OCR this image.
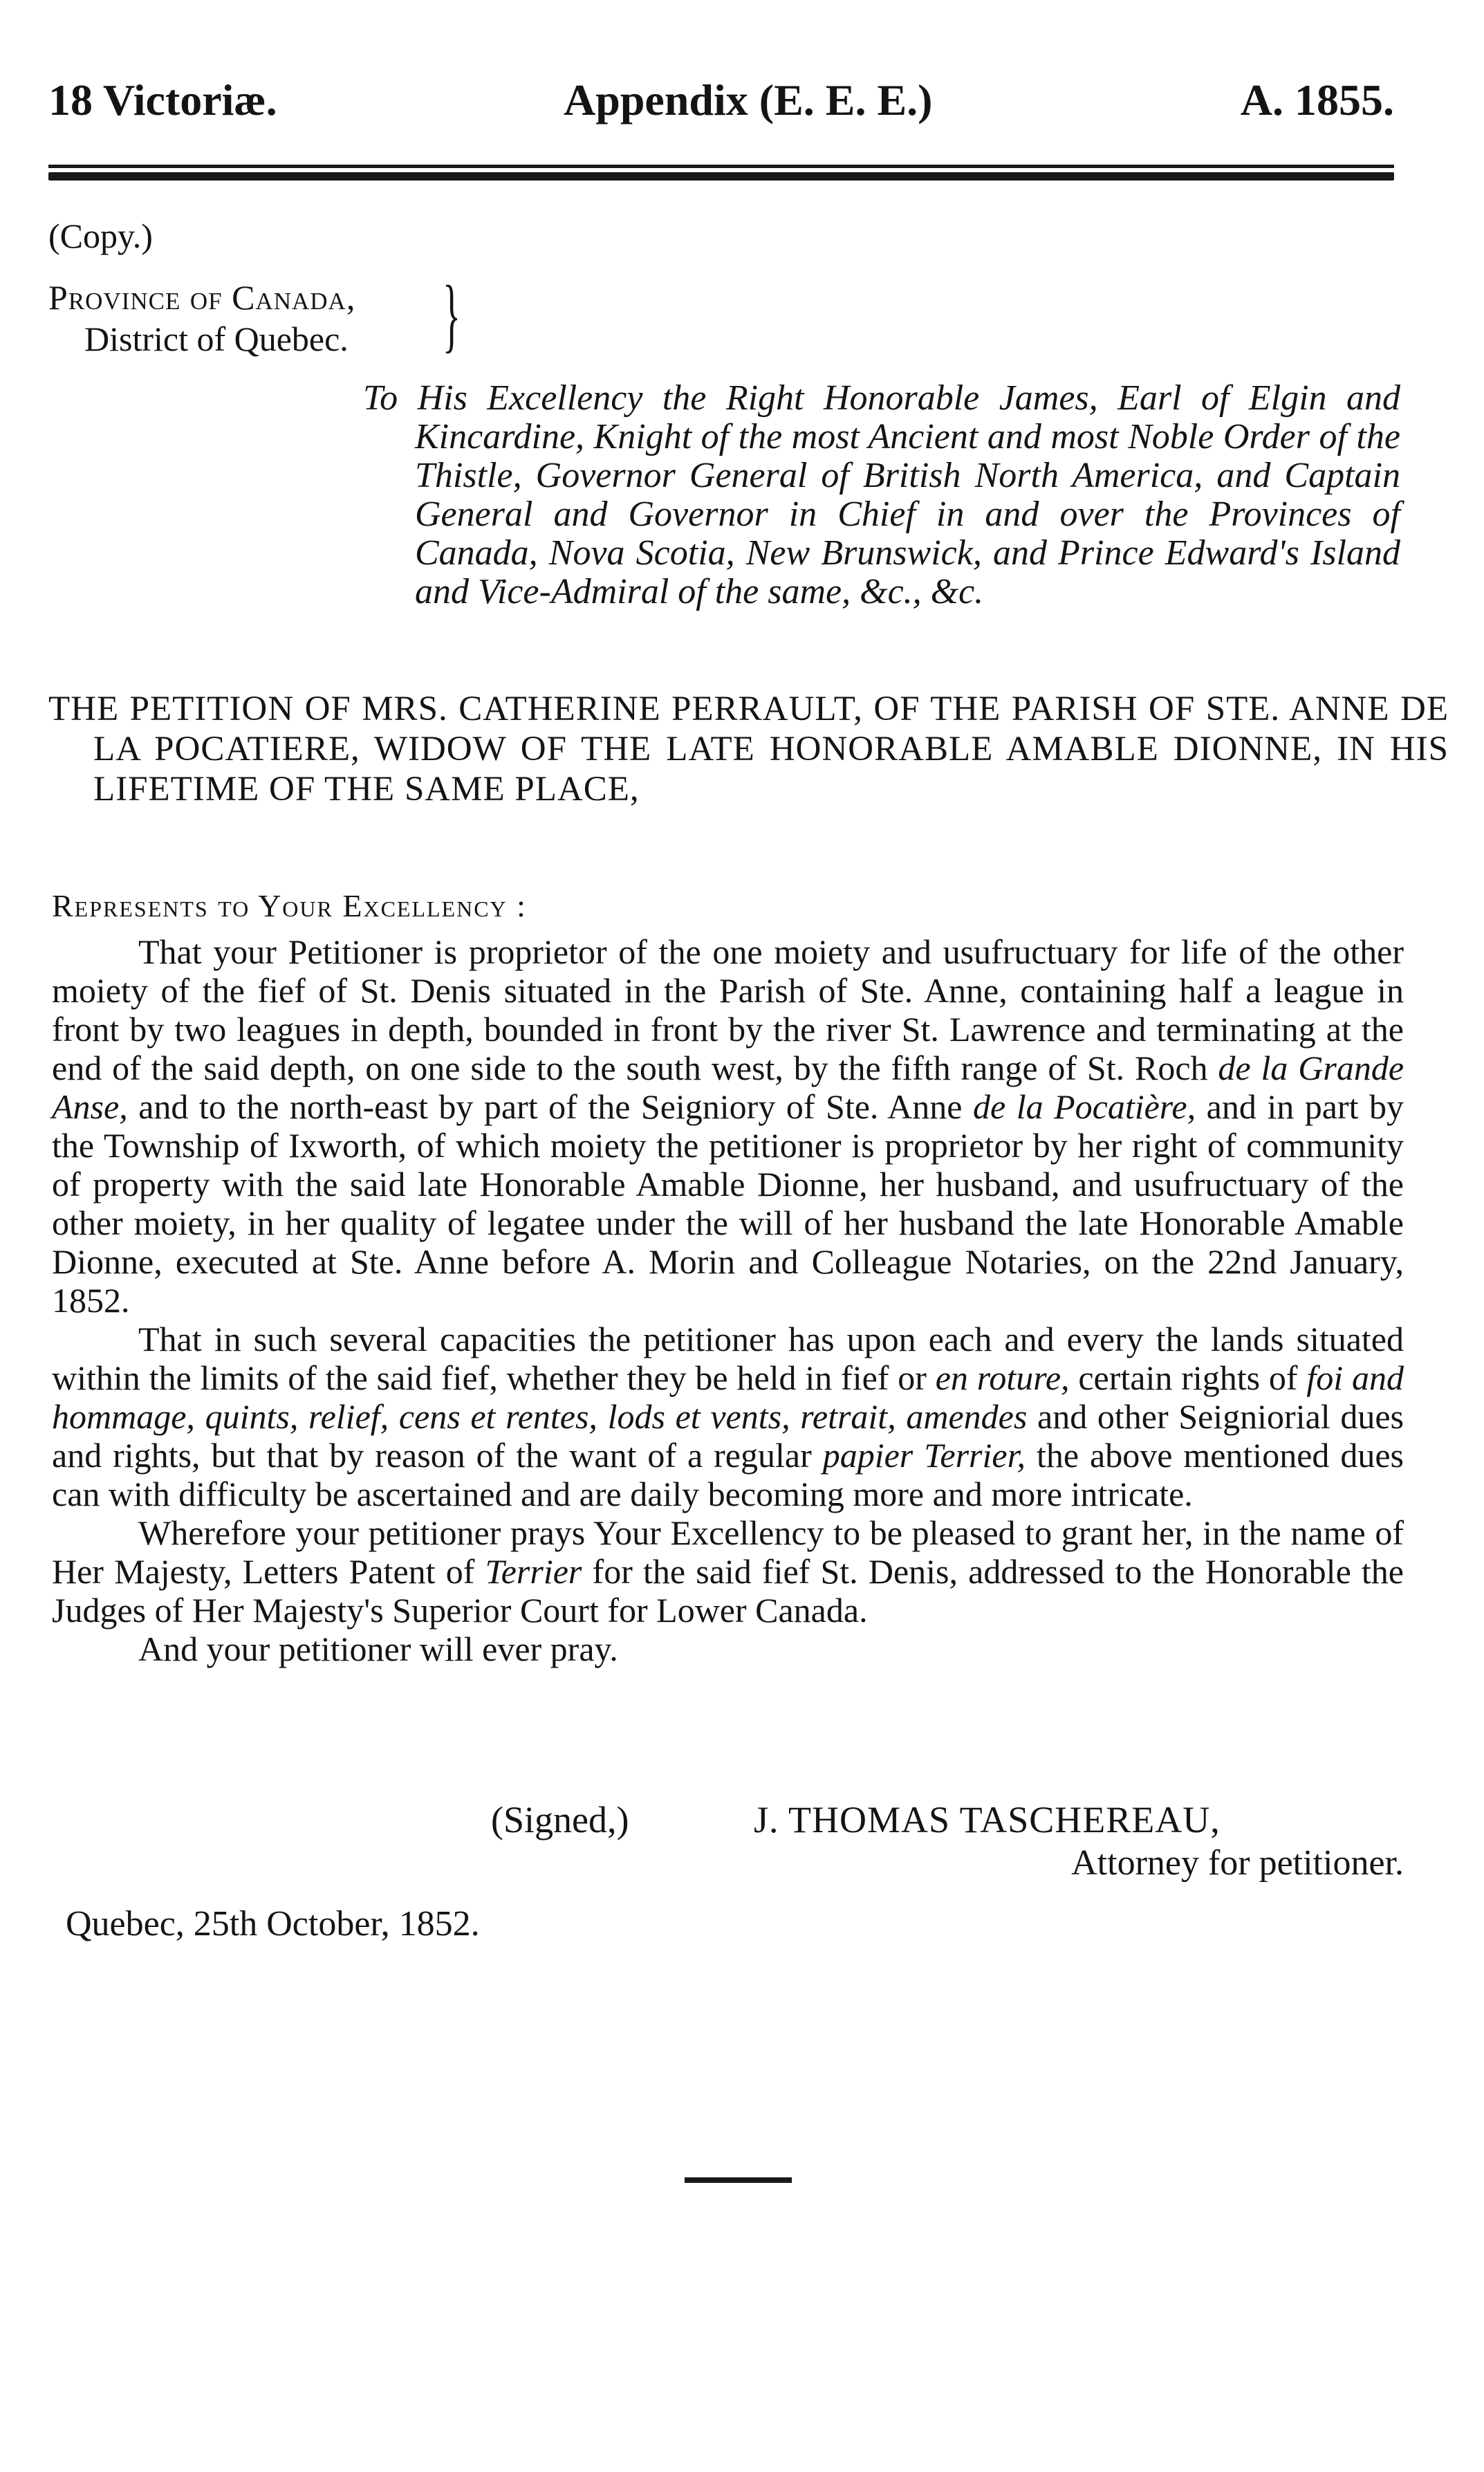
18 Victoriæ.	Appendix (E. E. E.)	A. 1855.
(Copy.)
Province of Canada,
District of Quebec. }
To His Excellency the Right Honorable James, Earl of Elgin and Kincardine, Knight of the most Ancient and most Noble Order of the Thistle, Governor General of British North America, and Captain General and Governor in Chief in and over the Provinces of Canada, Nova Scotia, New Brunswick, and Prince Edward's Island and Vice-Admiral of the same, &c., &c.
THE PETITION OF MRS. CATHERINE PERRAULT, OF THE PARISH OF STE. ANNE DE LA POCATIERE, WIDOW OF THE LATE HONORABLE AMABLE DIONNE, IN HIS LIFETIME OF THE SAME PLACE,
Represents to Your Excellency :

That your Petitioner is proprietor of the one moiety and usufructuary for life of the other moiety of the fief of St. Denis situated in the Parish of Ste. Anne, containing half a league in front by two leagues in depth, bounded in front by the river St. Lawrence and terminating at the end of the said depth, on one side to the south west, by the fifth range of St. Roch de la Grande Anse, and to the north-east by part of the Seigniory of Ste. Anne de la Pocatière, and in part by the Township of Ixworth, of which moiety the petitioner is proprietor by her right of community of property with the said late Honorable Amable Dionne, her husband, and usufructuary of the other moiety, in her quality of legatee under the will of her husband the late Honorable Amable Dionne, executed at Ste. Anne before A. Morin and Colleague Notaries, on the 22nd January, 1852.

That in such several capacities the petitioner has upon each and every the lands situated within the limits of the said fief, whether they be held in fief or en roture, certain rights of foi and hommage, quints, relief, cens et rentes, lods et vents, retrait, amendes and other Seigniorial dues and rights, but that by reason of the want of a regular papier Terrier, the above mentioned dues can with difficulty be ascertained and are daily becoming more and more intricate.

Wherefore your petitioner prays Your Excellency to be pleased to grant her, in the name of Her Majesty, Letters Patent of Terrier for the said fief St. Denis, addressed to the Honorable the Judges of Her Majesty's Superior Court for Lower Canada.

And your petitioner will ever pray.

(Signed,)	J. THOMAS TASCHEREAU,
Attorney for petitioner.
Quebec, 25th October, 1852.
